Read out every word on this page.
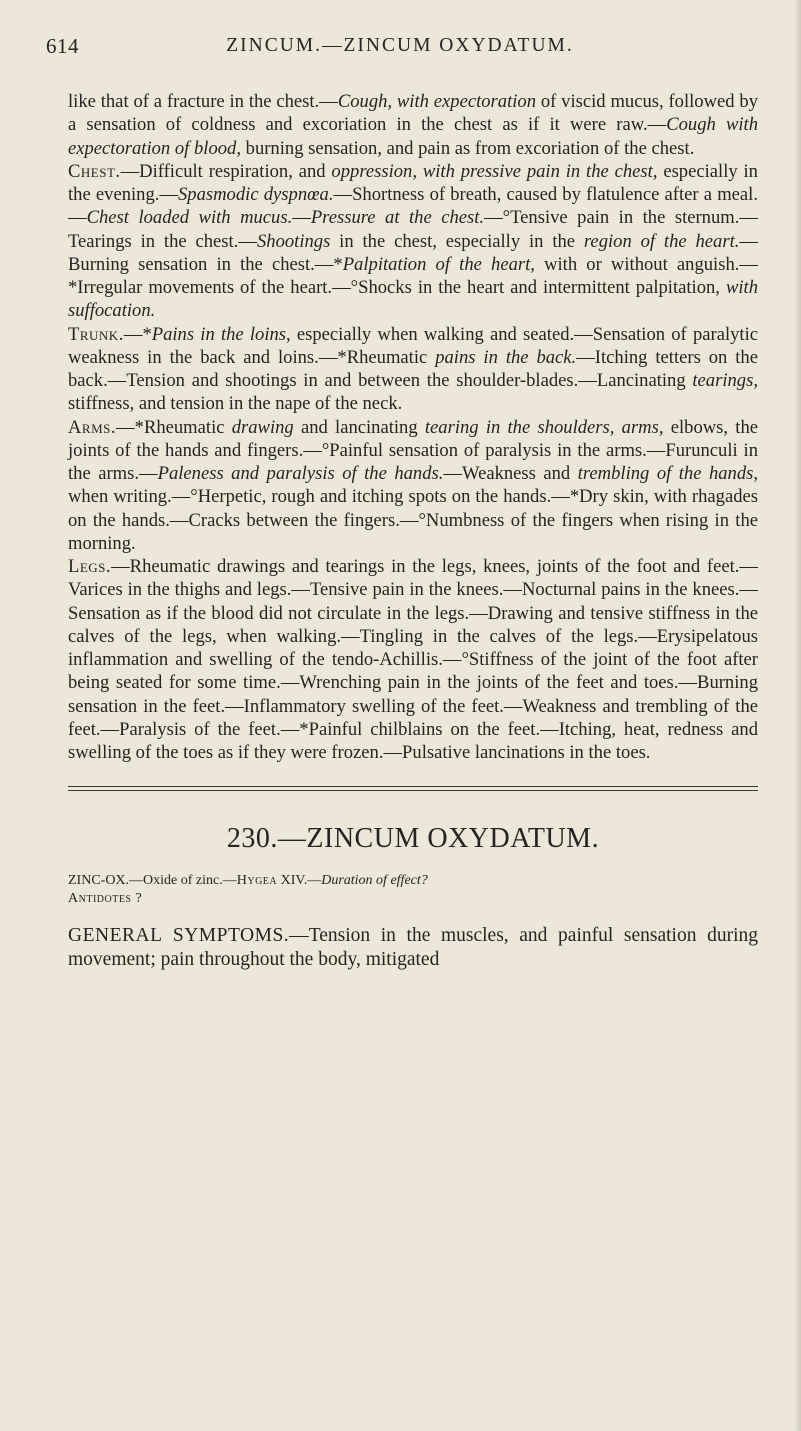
614	ZINCUM.—ZINCUM OXYDATUM.

like that of a fracture in the chest.—Cough, with expectoration of viscid mucus, followed by a sensation of coldness and excoriation in the chest as if it were raw.—Cough with expectoration of blood, burning sensation, and pain as from excoriation of the chest.

Chest.—Difficult respiration, and oppression, with pressive pain in the chest, especially in the evening.—Spasmodic dyspnœa.—Shortness of breath, caused by flatulence after a meal.—Chest loaded with mucus.—Pressure at the chest.—°Tensive pain in the sternum.—Tearings in the chest.—Shootings in the chest, especially in the region of the heart.—Burning sensation in the chest.—*Palpitation of the heart, with or without anguish.—*Irregular movements of the heart.—°Shocks in the heart and intermittent palpitation, with suffocation.

Trunk.—*Pains in the loins, especially when walking and seated.—Sensation of paralytic weakness in the back and loins.—*Rheumatic pains in the back.—Itching tetters on the back.—Tension and shootings in and between the shoulder-blades.—Lancinating tearings, stiffness, and tension in the nape of the neck.

Arms.—*Rheumatic drawing and lancinating tearing in the shoulders, arms, elbows, the joints of the hands and fingers.—°Painful sensation of paralysis in the arms.—Furunculi in the arms.—Paleness and paralysis of the hands.—Weakness and trembling of the hands, when writing.—°Herpetic, rough and itching spots on the hands.—*Dry skin, with rhagades on the hands.—Cracks between the fingers.—°Numbness of the fingers when rising in the morning.

Legs.—Rheumatic drawings and tearings in the legs, knees, joints of the foot and feet.—Varices in the thighs and legs.—Tensive pain in the knees.—Nocturnal pains in the knees.—Sensation as if the blood did not circulate in the legs.—Drawing and tensive stiffness in the calves of the legs, when walking.—Tingling in the calves of the legs.—Erysipelatous inflammation and swelling of the tendo-Achillis.—°Stiffness of the joint of the foot after being seated for some time.—Wrenching pain in the joints of the feet and toes.—Burning sensation in the feet.—Inflammatory swelling of the feet.—Weakness and trembling of the feet.—Paralysis of the feet.—*Painful chilblains on the feet.—Itching, heat, redness and swelling of the toes as if they were frozen.—Pulsative lancinations in the toes.

230.—ZINCUM OXYDATUM.
ZINC-OX.—Oxide of zinc.—Hygea XIV.—Duration of effect?
Antidotes ?
GENERAL SYMPTOMS.—Tension in the muscles, and painful sensation during movement; pain throughout the body, mitigated
